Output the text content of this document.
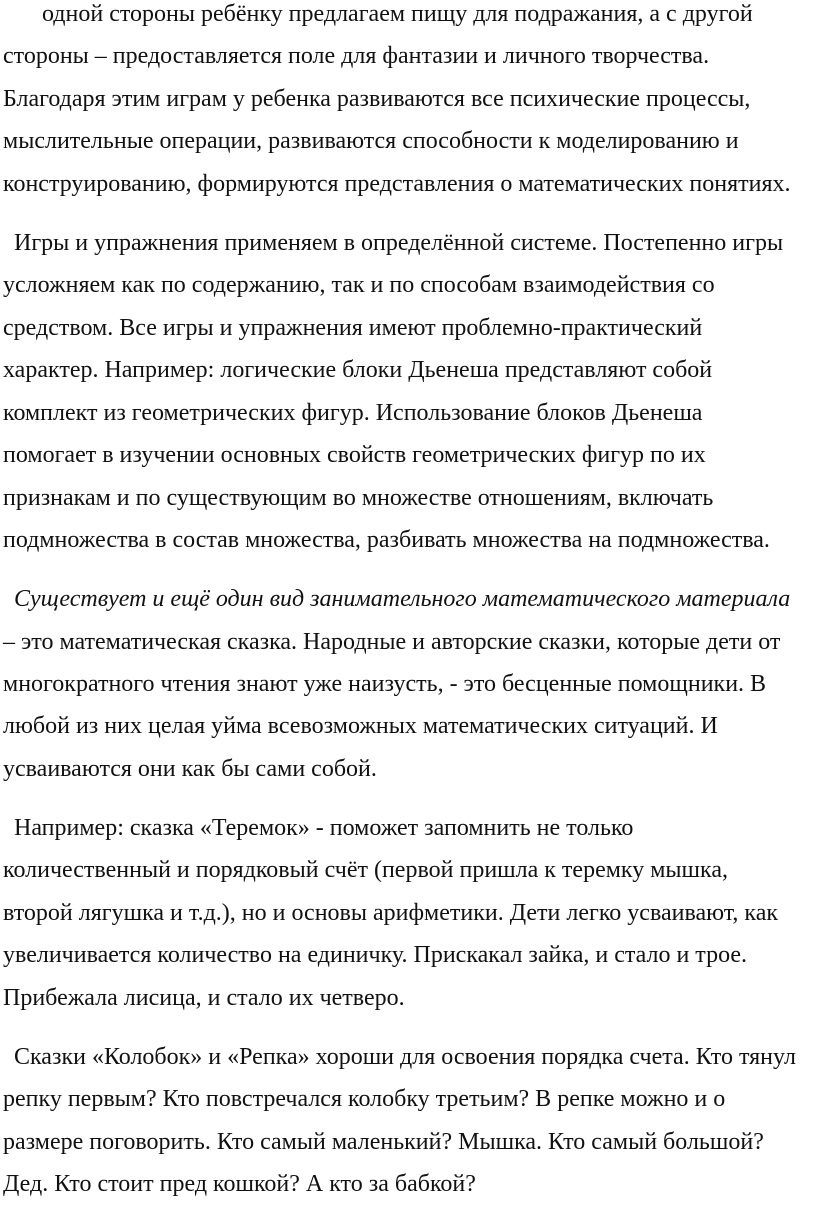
одной стороны ребёнку предлагаем пищу для подражания, а с другой
стороны – предоставляется поле для фантазии и личного творчества.
Благодаря этим играм у ребенка развиваются все психические процессы,
мыслительные операции, развиваются способности к моделированию и
конструированию, формируются представления о математических понятиях.
Игры и упражнения применяем в определённой системе. Постепенно игры
усложняем как по содержанию, так и по способам взаимодействия со
средством. Все игры и упражнения имеют проблемно-практический
характер. Например: логические блоки Дьенеша представляют собой
комплект из геометрических фигур. Использование блоков Дьенеша
помогает в изучении основных свойств геометрических фигур по их
признакам и по существующим во множестве отношениям, включать
подмножества в состав множества, разбивать множества на подмножества.
Существует и ещё один вид занимательного математического материала
– это математическая сказка. Народные и авторские сказки, которые дети от
многократного чтения знают уже наизусть, - это бесценные помощники. В
любой из них целая уйма всевозможных математических ситуаций. И
усваиваются они как бы сами собой.
Например: сказка «Теремок» - поможет запомнить не только
количественный и порядковый счёт (первой пришла к теремку мышка,
второй лягушка и т.д.), но и основы арифметики. Дети легко усваивают, как
увеличивается количество на единичку. Прискакал зайка, и стало и трое.
Прибежала лисица, и стало их четверо.
Сказки «Колобок» и «Репка» хороши для освоения порядка счета. Кто тянул
репку первым? Кто повстречался колобку третьим? В репке можно и о
размере поговорить. Кто самый маленький? Мышка. Кто самый большой?
Дед. Кто стоит пред кошкой? А кто за бабкой?
